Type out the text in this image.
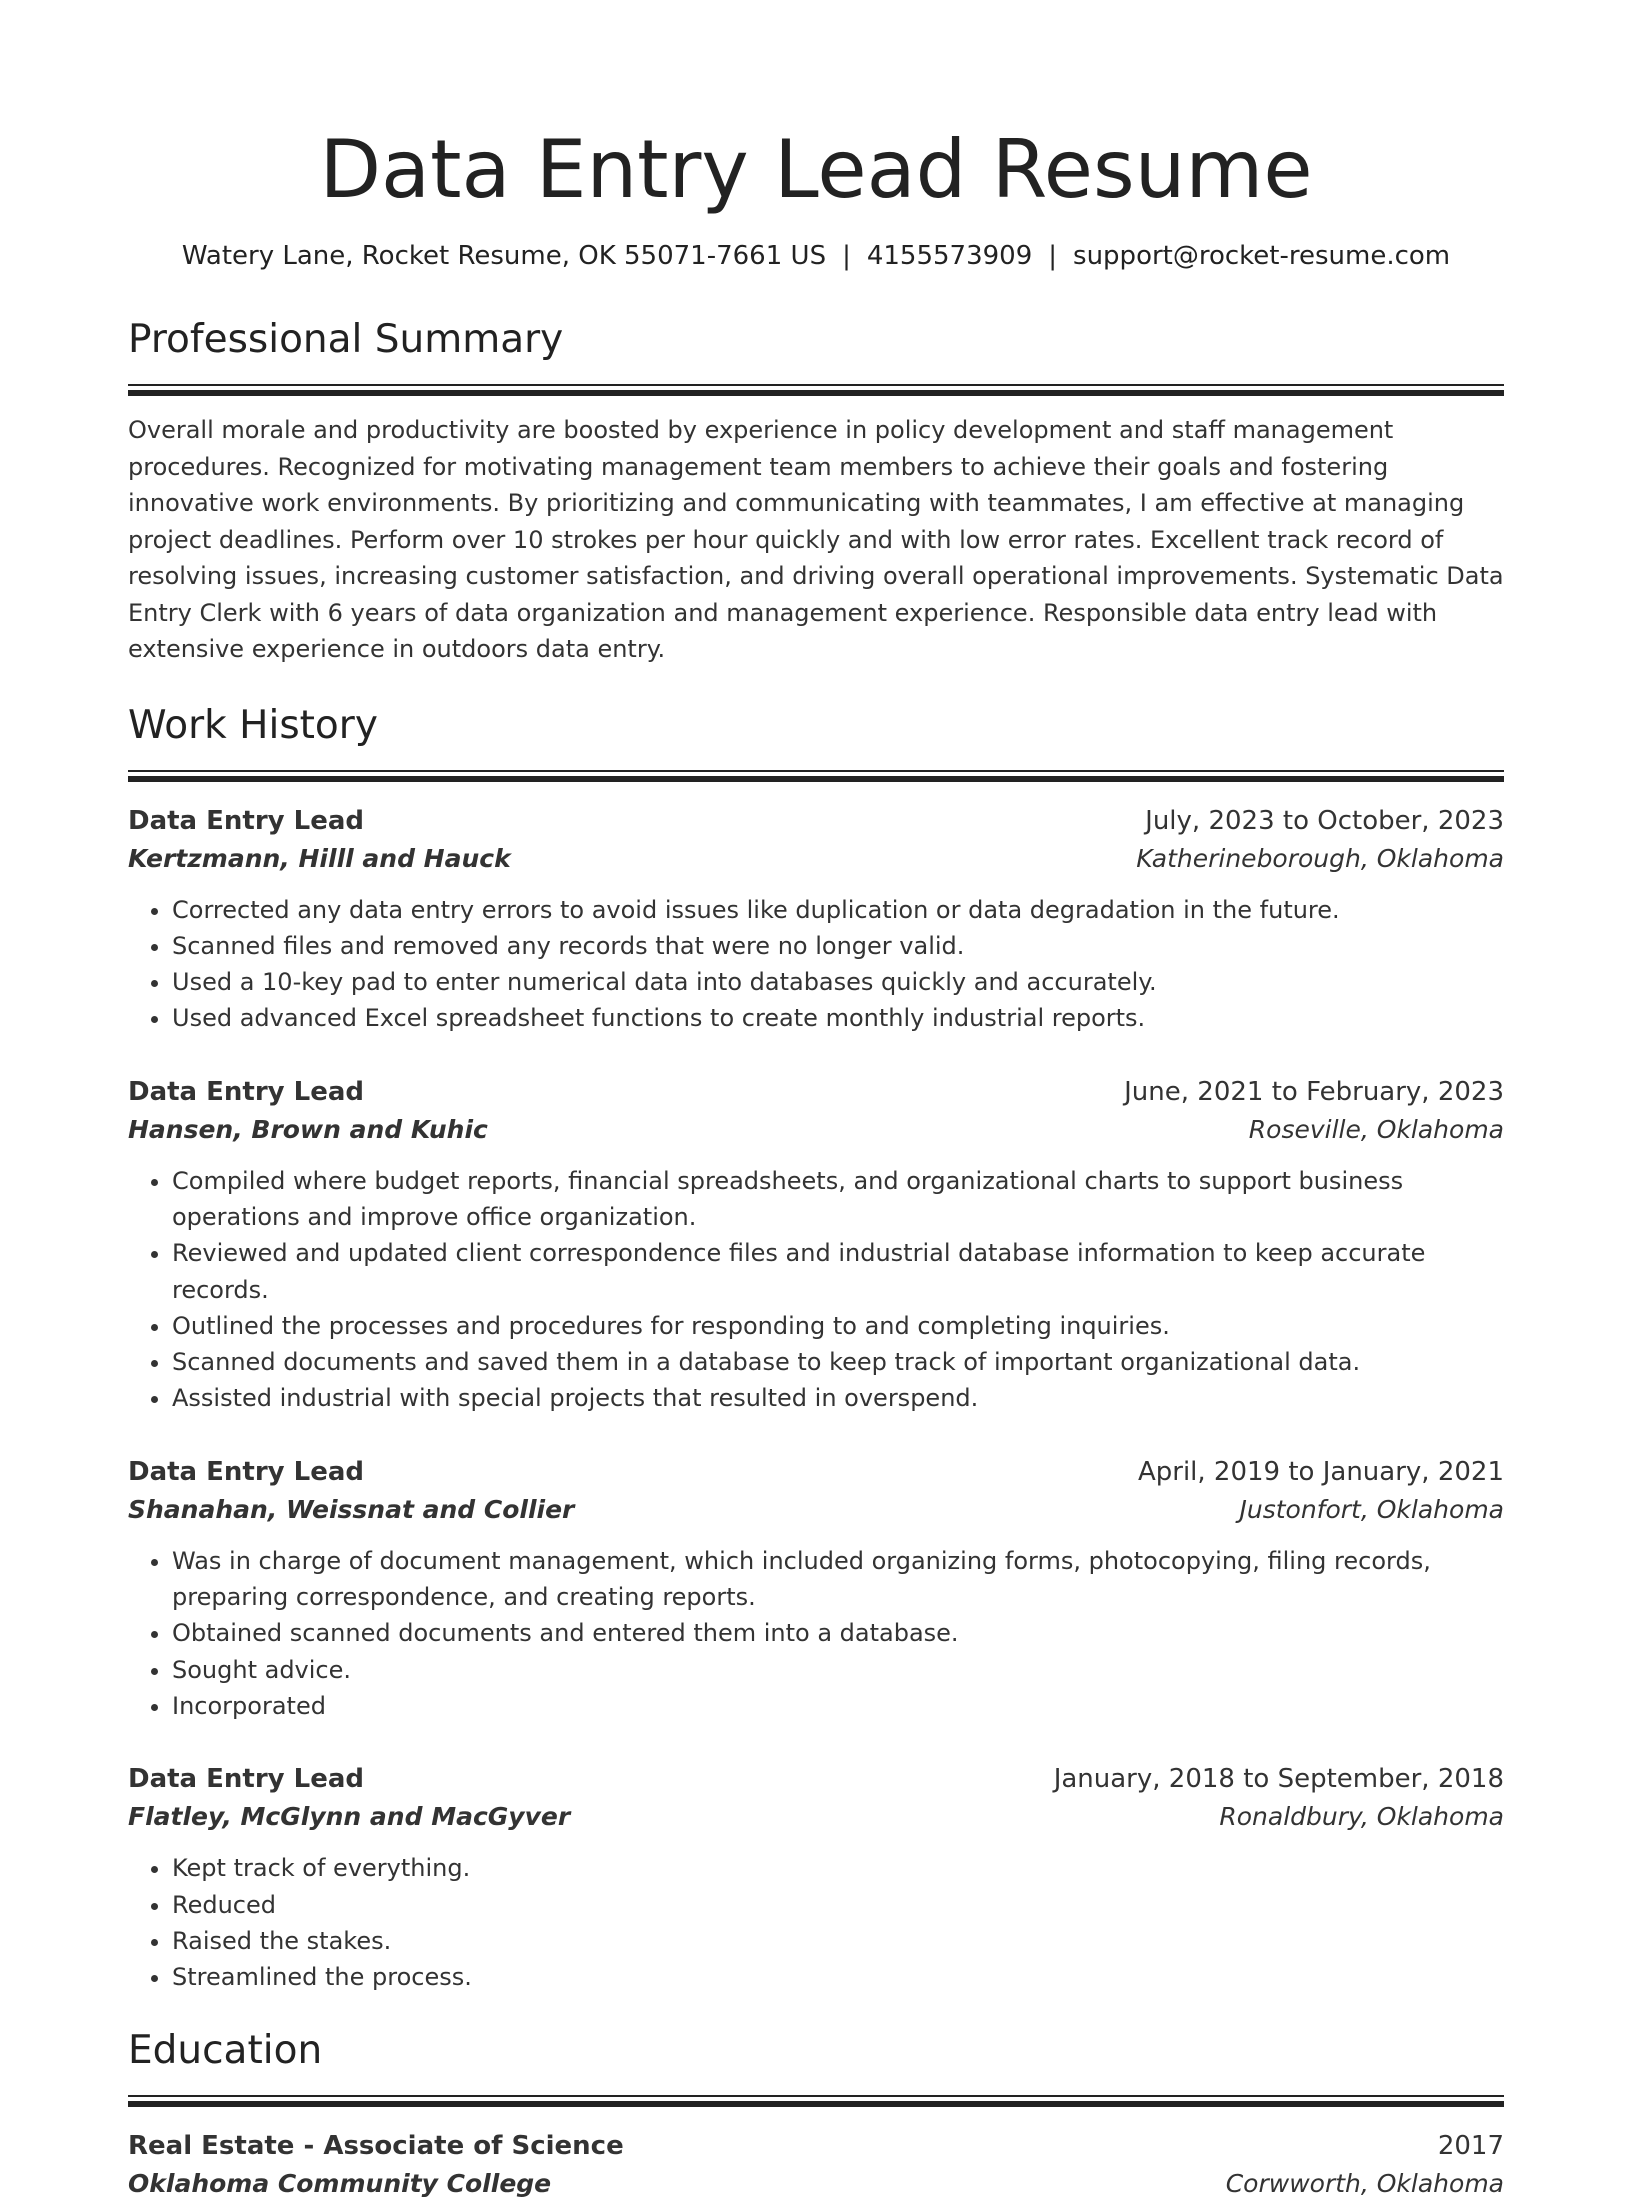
Data Entry Lead Resume
Watery Lane, Rocket Resume, OK 55071-7661 US | 4155573909 | support@rocket-resume.com
Professional Summary

Overall morale and productivity are boosted by experience in policy development and staff management procedures. Recognized for motivating management team members to achieve their goals and fostering innovative work environments. By prioritizing and communicating with teammates, I am effective at managing project deadlines. Perform over 10 strokes per hour quickly and with low error rates. Excellent track record of resolving issues, increasing customer satisfaction, and driving overall operational improvements. Systematic Data Entry Clerk with 6 years of data organization and management experience. Responsible data entry lead with extensive experience in outdoors data entry.

Work History
Data Entry Lead	July, 2023 to October, 2023
Kertzmann, Hilll and Hauck	Katherineborough, Oklahoma
• Corrected any data entry errors to avoid issues like duplication or data degradation in the future.
• Scanned files and removed any records that were no longer valid.
• Used a 10-key pad to enter numerical data into databases quickly and accurately.
• Used advanced Excel spreadsheet functions to create monthly industrial reports.
Data Entry Lead	June, 2021 to February, 2023
Hansen, Brown and Kuhic	Roseville, Oklahoma
• Compiled where budget reports, financial spreadsheets, and organizational charts to support business operations and improve office organization.
• Reviewed and updated client correspondence files and industrial database information to keep accurate records.
• Outlined the processes and procedures for responding to and completing inquiries.
• Scanned documents and saved them in a database to keep track of important organizational data.
• Assisted industrial with special projects that resulted in overspend.
Data Entry Lead	April, 2019 to January, 2021
Shanahan, Weissnat and Collier	Justonfort, Oklahoma
• Was in charge of document management, which included organizing forms, photocopying, filing records, preparing correspondence, and creating reports.
• Obtained scanned documents and entered them into a database.
• Sought advice.
• Incorporated
Data Entry Lead	January, 2018 to September, 2018
Flatley, McGlynn and MacGyver	Ronaldbury, Oklahoma
• Kept track of everything.
• Reduced
• Raised the stakes.
• Streamlined the process.
Education
Real Estate - Associate of Science	2017
Oklahoma Community College	Corwworth, Oklahoma
